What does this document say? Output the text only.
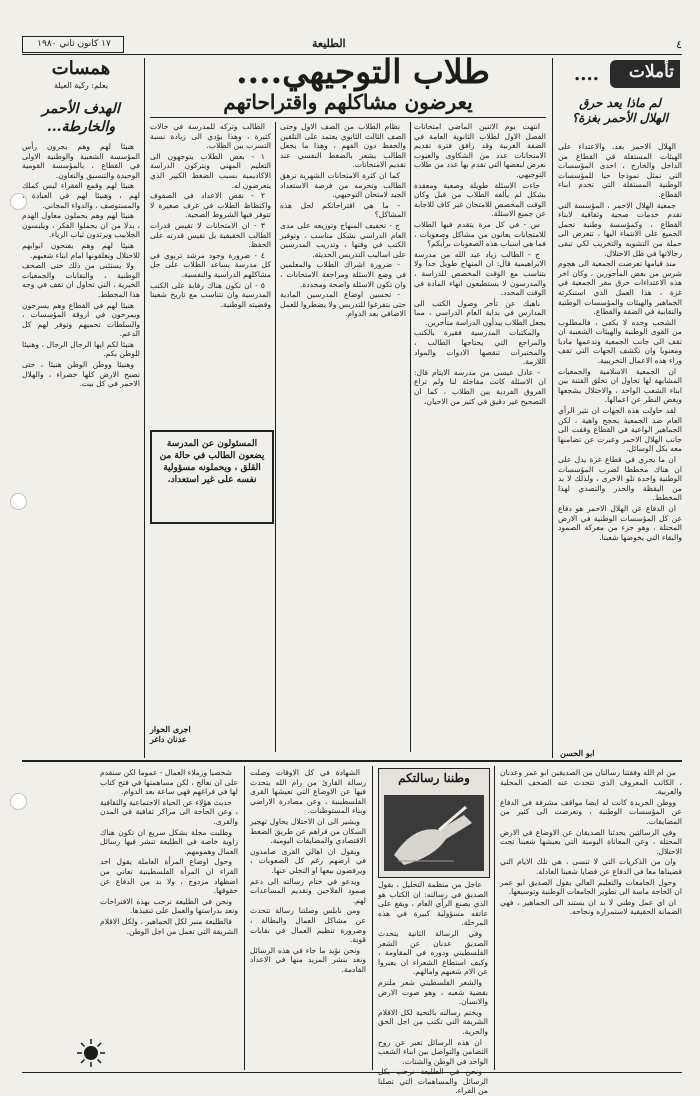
٤
الطليعة
١٧ كانون ثاني ١٩٨٠
تأملات
....
لم ماذا يعد حرق
الهلال الأحمر بغزة؟

الهلال الاحمر بعد. والاعتداء على الهيئات المستقلة في القطاع من الداخل والخارج ، احدى المؤسسات التي تمثل نموذجا حيا للمؤسسات الوطنية المستقلة التي تخدم ابناء القطاع.

جمعية الهلال الاحمر ، المؤسسة التي تقدم خدمات صحية وثقافية لابناء القطاع ، وكمؤسسة وطنية تحمل الجميع على الانتماء اليها ، تتعرض الى حملة من التشويه والتخريب لكي تبقى رجالاتها في ظل الاحتلال.

منذ قيامها تعرضت الجمعية الى هجوم شرس من بعض المأجورين ، وكان اخر هذه الاعتداءات حرق مقر الجمعية في غزة ، هذا العمل الذي استنكرته الجماهير والهيئات والمؤسسات الوطنية والنقابية في الضفة والقطاع.

الشجب وحده لا يكفي ، فالمطلوب من القوى الوطنية والهيئات الشعبية ان تقف الى جانب الجمعية وتدعمها ماديا ومعنويا وان تكشف الجهات التي تقف وراء هذه الاعمال التخريبية.

ان الجمعية الاسلامية والجمعيات المشابهة لها تحاول ان تخلق الفتنة بين ابناء الشعب الواحد ، والاحتلال يشجعها ويغض النظر عن اعمالها.

لقد حاولت هذه الجهات ان تثير الرأي العام ضد الجمعية بحجج واهية ، لكن الجماهير الواعية في القطاع وقفت الى جانب الهلال الاحمر وعبرت عن تضامنها معه بكل الوسائل.

ان ما يجري في قطاع غزة يدل على ان هناك مخططا لضرب المؤسسات الوطنية واحدة تلو الاخرى ، ولذلك لا بد من اليقظة والحذر والتصدي لهذا المخطط.

ان الدفاع عن الهلال الاحمر هو دفاع عن كل المؤسسات الوطنية في الارض المحتلة ، وهو جزء من معركة الصمود والبقاء التي يخوضها شعبنا.

ابو الحسن
طلاب التوجيهي....
يعرضون مشاكلهم واقتراحاتهم

انتهت يوم الاثنين الماضي امتحانات الفصل الاول لطلاب الثانوية العامة في الضفة الغربية وقد رافق فترة تقديم الامتحانات عدد من الشكاوى والعيوب نعرض لبعضها التي تقدم بها عدد من طلاب التوجيهي.

جاءت الاسئلة طويلة وصعبة ومعقدة بشكل لم يألفه الطلاب من قبل وكان الوقت المخصص للامتحان غير كاف للاجابة عن جميع الاسئلة.

س - في كل مرة يتقدم فيها الطلاب للامتحانات يعانون من مشاكل وصعوبات ، فما هي اسباب هذه الصعوبات برأيكم؟

ج - الطالب زياد عبد الله من مدرسة الابراهيمية قال: ان المنهاج طويل جدا ولا يتناسب مع الوقت المخصص للدراسة ، والمدرسون لا يستطيعون انهاء المادة في الوقت المحدد.

ناهيك عن تأخر وصول الكتب الى المدارس في بداية العام الدراسي ، مما يجعل الطلاب يبدأون الدراسة متأخرين.

والمكتبات المدرسية فقيرة بالكتب والمراجع التي يحتاجها الطالب ، والمختبرات تنقصها الادوات والمواد اللازمة.

- عادل عيسى من مدرسة الايتام قال: ان الاسئلة كانت مفاجئة لنا ولم تراع الفروق الفردية بين الطلاب ، كما ان التصحيح غير دقيق في كثير من الاحيان.

نظام الطلاب من الصف الاول وحتى الصف الثالث الثانوي يعتمد على التلقين والحفظ دون الفهم ، وهذا ما يجعل الطالب يشعر بالضغط النفسي عند تقديم الامتحانات.

كما ان كثرة الامتحانات الشهرية ترهق الطالب وتحرمه من فرصة الاستعداد الجيد لامتحان التوجيهي.

- ما هي اقتراحاتكم لحل هذه المشاكل؟

ج - تخفيف المنهاج وتوزيعه على مدى العام الدراسي بشكل مناسب ، وتوفير الكتب في وقتها ، وتدريب المدرسين على اساليب التدريس الحديثة.

- ضرورة اشراك الطلاب والمعلمين في وضع الاسئلة ومراجعة الامتحانات ، وان تكون الاسئلة واضحة ومحددة.

- تحسين اوضاع المدرسين المادية حتى يتفرغوا للتدريس ولا يضطروا للعمل الاضافي بعد الدوام.

الطالب وتركه للمدرسة في حالات كثيرة ، وهذا يؤدي الى زيادة نسبة التسرب بين الطلاب.

١ - بعض الطلاب يتوجهون الى التعليم المهني ويتركون الدراسة الاكاديمية بسبب الضغط الكبير الذي يتعرضون له.

٢ - نقص الاعداد في الصفوف واكتظاظ الطلاب في غرف صغيرة لا تتوفر فيها الشروط الصحية.

٣ - ان الامتحانات لا تقيس قدرات الطالب الحقيقية بل تقيس قدرته على الحفظ.

٤ - ضرورة وجود مرشد تربوي في كل مدرسة يساعد الطلاب على حل مشاكلهم الدراسية والنفسية.

٥ - ان تكون هناك رقابة على الكتب المدرسية وان تتناسب مع تاريخ شعبنا وقضيته الوطنية.

المسئولون عن المدرسة يضعون الطالب في حالة من القلق ، ويحملونه مسؤولية نفسه على غير استعداد.
اجرى الحوار
عدنان داغر
همسات
بعلم: ركية العيلة
الهدف الأحمر
والخارطة...

هنيئا لهم وهم يجرون رأس المؤسسة الشعبية والوطنية الاولى في القطاع ، بالمؤسسة القومية الوحيدة والتنسيق والتعاون.

هنيئا لهم وقمع الفقراء ليس كملك لهم ، وهنيئا لهم في العيادة ، والمستوصف ، والدواء المجاني.

هنيئا لهم وهم يحملون معاول الهدم ، بدلا من ان يحملوا الفكر ، ويلبسون الجلابيب ويرتدون ثياب الرياء.

هنيئا لهم وهم يفتحون ابوابهم للاحتلال ويغلقونها امام ابناء شعبهم.

ولا يستثنى من ذلك حتى الصحف الوطنية ، والنقابات والجمعيات الخيرية ، التي تحاول ان تقف في وجه هذا المخطط.

هنيئا لهم في القطاع وهم يسرحون ويمرحون في اروقة المؤسسات ، والسلطات تحميهم وتوفر لهم كل الدعم.

هنيئا لكم ايها الرجال الرجال ، وهنيئا للوطن بكم.

وهنيئا ووطن الوطن هنيئا ، حتى تصبح الارض كلها خضراء ، والهلال الاحمر في كل بيت.

من ام الله وفقتنا رسالتان من الصديقين ابو عمر وعدنان ، الكاتب المعروف الذي تتحدث عنه الصحف المحلية والعربية.

ووطن الجريدة كانت له ايضا مواقف مشرفة في الدفاع عن المؤسسات الوطنية ، وتعرضت الى كثير من المضايقات.

وفي الرسالتين يحدثنا الصديقان عن الاوضاع في الارض المحتلة ، وعن المعاناة اليومية التي يعيشها شعبنا تحت الاحتلال.

وان من الذكريات التي لا تنسى ، هي تلك الايام التي قضيناها معا في الدفاع عن قضايا شعبنا العادلة.

وحول الجامعات والتعليم العالي يقول الصديق ابو عمر ان الحاجة ماسة الى تطوير الجامعات الوطنية وتوسيعها.

ان اي عمل وطني لا بد ان يستند الى الجماهير ، فهي الضمانة الحقيقية لاستمراره ونجاحه.

وطننا رسالتكم

عاجل من منظمة التحليل ، يقول الصديق في رسالته: ان الكتاب هو الذي يصنع الرأي العام ، ويقع على عاتقه مسؤولية كبيرة في هذه المرحلة.

وفي الرسالة الثانية يتحدث الصديق عدنان عن الشعر الفلسطيني ودوره في المقاومة ، وكيف استطاع الشعراء ان يعبروا عن الام شعبهم وامالهم.

والشعر الفلسطيني شعر ملتزم بقضية شعبه ، وهو صوت الارض والانسان.

ويختم رسالته بالتحية لكل الاقلام الشريفة التي تكتب من اجل الحق والحرية.

ان هذه الرسائل تعبر عن روح التضامن والتواصل بين ابناء الشعب الواحد في الوطن والشتات.

الرسائل والمساهمات التي تصلنا من القراء.

الشهادة في كل الاوقات وصلت رسالة القارئ من رام الله يتحدث فيها عن الاوضاع التي تعيشها القرى الفلسطينية ، وعن مصادرة الاراضي وبناء المستوطنات.

ويشير الى ان الاحتلال يحاول تهجير السكان من قراهم عن طريق الضغط الاقتصادي والمضايقات اليومية.

ويقول ان اهالي القرى صامدون في ارضهم رغم كل الصعوبات ، ويرفضون بيعها او التخلي عنها.

ويدعو في ختام رسالته الى دعم صمود الفلاحين وتقديم المساعدات لهم.

ومن نابلس وصلتنا رسالة تتحدث عن مشاكل العمال والبطالة ، وضرورة تنظيم العمال في نقابات قوية.

ونحن نؤيد ما جاء في هذه الرسائل ونعد بنشر المزيد منها في الاعداد القادمة.

شخصيا وزملاء العمال - عموما لكن سنقدم على ان نعالج ، لكن مساهمتها في فتح كتاب لها في فراغهم فهي ساعة بعد الدوام.

حديث هؤلاء عن الحياة الاجتماعية والثقافية ، وعن الحاجة الى مراكز ثقافية في المدن والقرى.

وطلبت مجلة بشكل سريع ان تكون هناك زاوية خاصة في الطليعة تنشر فيها رسائل العمال وهمومهم.

وحول اوضاع المرأة العاملة يقول احد القراء ان المرأة الفلسطينية تعاني من اضطهاد مزدوج ، ولا بد من الدفاع عن حقوقها.

ونحن في الطليعة نرحب بهذه الاقتراحات ونعد بدراستها والعمل على تنفيذها.

فالطليعة منبر لكل الجماهير ، ولكل الاقلام الشريفة التي تعمل من اجل الوطن.
